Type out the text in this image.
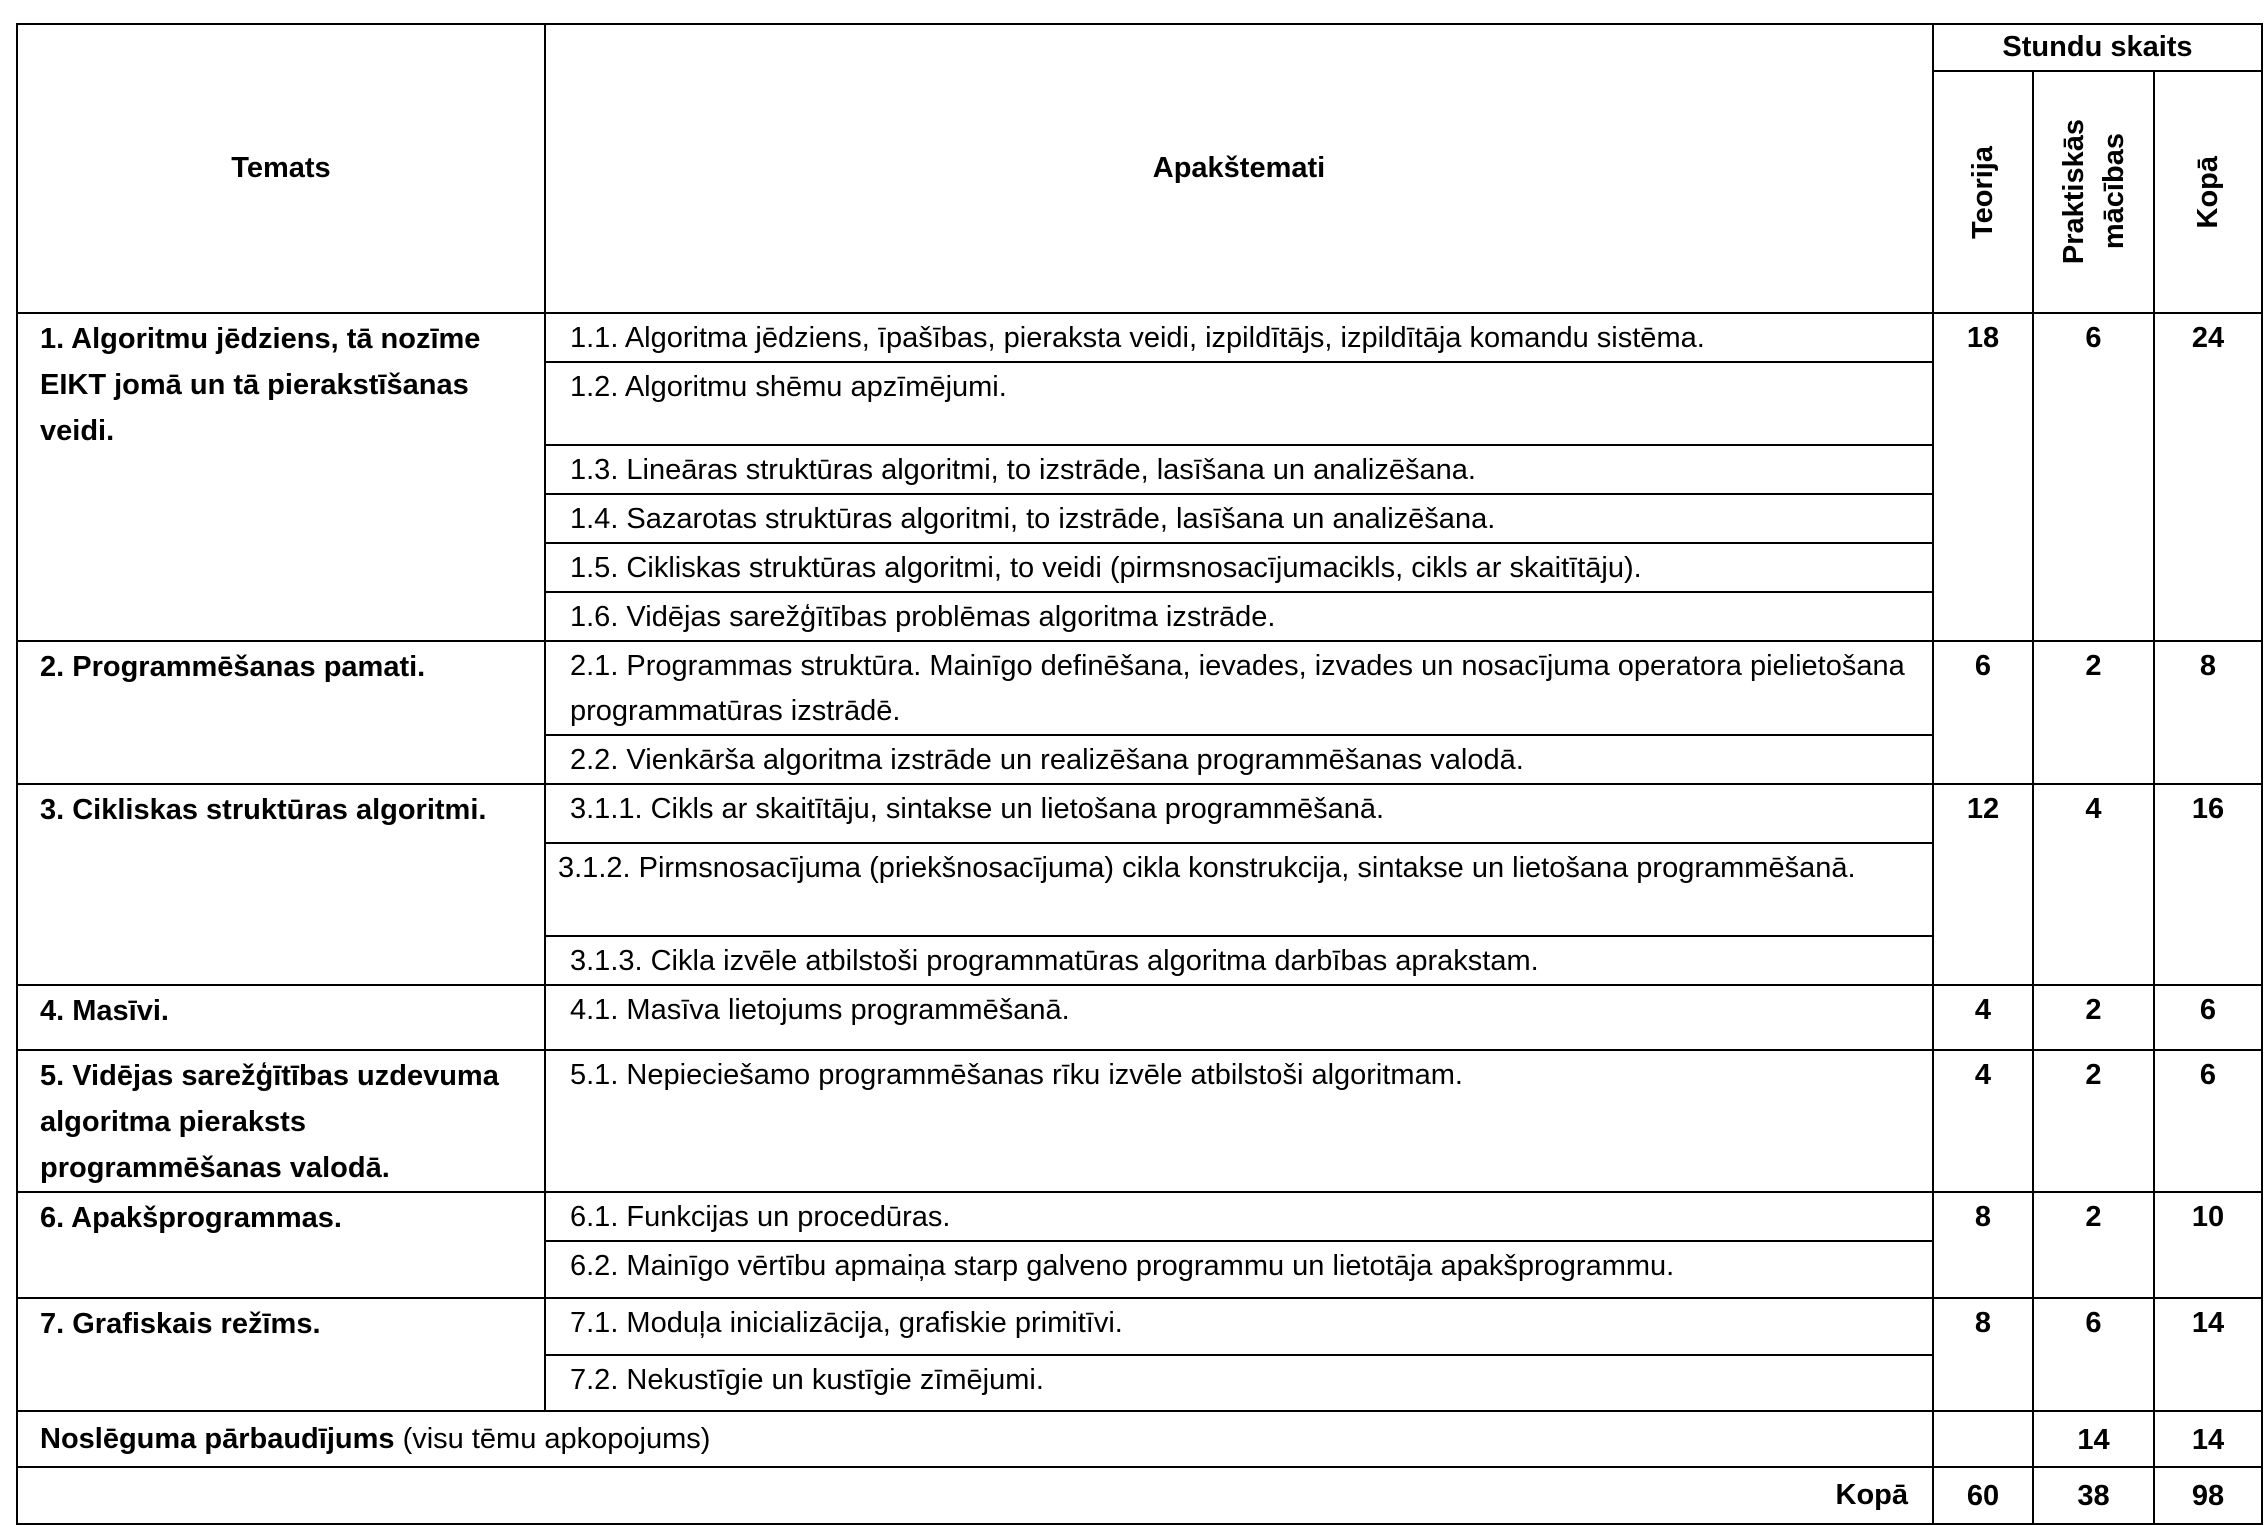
Temats	Apakštemati	Stundu skaits		

		Teorija	Praktiskās mācības	Kopā

1. Algoritmu jēdziens, tā nozīme EIKT jomā un tā pierakstīšanas veidi.	1.1. Algoritma jēdziens, īpašības, pieraksta veidi, izpildītājs, izpildītāja komandu sistēma.	18	6	24
	1.2. Algoritmu shēmu apzīmējumi.			
	1.3. Lineāras struktūras algoritmi, to izstrāde, lasīšana un analizēšana.			
	1.4. Sazarotas struktūras algoritmi, to izstrāde, lasīšana un analizēšana.			
	1.5. Cikliskas struktūras algoritmi, to veidi (pirmsnosacījumacikls, cikls ar skaitītāju).			
	1.6. Vidējas sarežģītības problēmas algoritma izstrāde.			
2. Programmēšanas pamati.	2.1. Programmas struktūra. Mainīgo definēšana, ievades, izvades un nosacījuma operatora pielietošana programmatūras izstrādē.	6	2	8
	2.2. Vienkārša algoritma izstrāde un realizēšana programmēšanas valodā.			
3. Cikliskas struktūras algoritmi.	3.1.1. Cikls ar skaitītāju, sintakse un lietošana programmēšanā.	12	4	16
	3.1.2. Pirmsnosacījuma (priekšnosacījuma) cikla konstrukcija, sintakse un lietošana programmēšanā.			
	3.1.3. Cikla izvēle atbilstoši programmatūras algoritma darbības aprakstam.			
4. Masīvi.	4.1. Masīva lietojums programmēšanā.	4	2	6
5. Vidējas sarežģītības uzdevuma algoritma pieraksts programmēšanas valodā.	5.1. Nepieciešamo programmēšanas rīku izvēle atbilstoši algoritmam.	4	2	6
6. Apakšprogrammas.	6.1. Funkcijas un procedūras.	8	2	10
	6.2. Mainīgo vērtību apmaiņa starp galveno programmu un lietotāja apakšprogrammu.			
7. Grafiskais režīms.	7.1. Moduļa inicializācija, grafiskie primitīvi.	8	6	14
	7.2. Nekustīgie un kustīgie zīmējumi.			
Noslēguma pārbaudījums (visu tēmu apkopojums)			14	14
Kopā		60	38	98
